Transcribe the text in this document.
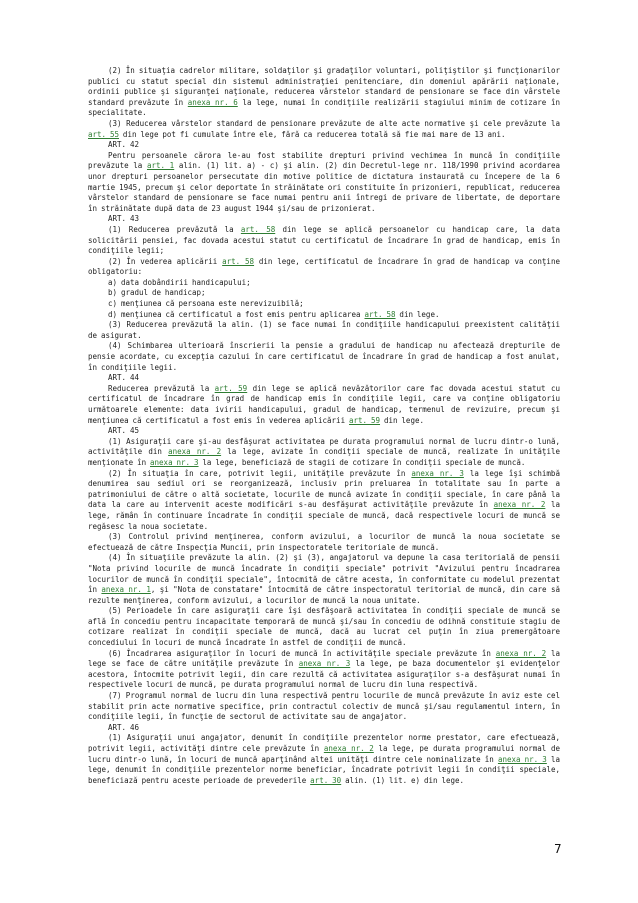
(2) În situaţia cadrelor militare, soldaţilor şi gradaţilor voluntari, poliţiştilor şi funcţionarilor publici cu statut special din sistemul administraţiei penitenciare, din domeniul apărării naţionale, ordinii publice şi siguranţei naţionale, reducerea vârstelor standard de pensionare se face din vârstele standard prevăzute în anexa nr. 6 la lege, numai în condiţiile realizării stagiului minim de cotizare în specialitate.

(3) Reducerea vârstelor standard de pensionare prevăzute de alte acte normative şi cele prevăzute la art. 55 din lege pot fi cumulate între ele, fără ca reducerea totală să fie mai mare de 13 ani.

ART. 42

Pentru persoanele cărora le-au fost stabilite drepturi privind vechimea în muncă în condiţiile prevăzute la art. 1 alin. (1) lit. a) - c) şi alin. (2) din Decretul-lege nr. 118/1990 privind acordarea unor drepturi persoanelor persecutate din motive politice de dictatura instaurată cu începere de la 6 martie 1945, precum şi celor deportate în străinătate ori constituite în prizonieri, republicat, reducerea vârstelor standard de pensionare se face numai pentru anii întregi de privare de libertate, de deportare în străinătate după data de 23 august 1944 şi/sau de prizonierat.

ART. 43

(1) Reducerea prevăzută la art. 58 din lege se aplică persoanelor cu handicap care, la data solicitării pensiei, fac dovada acestui statut cu certificatul de încadrare în grad de handicap, emis în condiţiile legii;

(2) În vederea aplicării art. 58 din lege, certificatul de încadrare în grad de handicap va conţine obligatoriu:

a) data dobândirii handicapului;

b) gradul de handicap;

c) menţiunea că persoana este nerevizuibilă;

d) menţiunea că certificatul a fost emis pentru aplicarea art. 58 din lege.

(3) Reducerea prevăzută la alin. (1) se face numai în condiţiile handicapului preexistent calităţii de asigurat.

(4) Schimbarea ulterioară înscrierii la pensie a gradului de handicap nu afectează drepturile de pensie acordate, cu excepţia cazului în care certificatul de încadrare în grad de handicap a fost anulat, în condiţiile legii.

ART. 44

Reducerea prevăzută la art. 59 din lege se aplică nevăzătorilor care fac dovada acestui statut cu certificatul de încadrare în grad de handicap emis în condiţiile legii, care va conţine obligatoriu următoarele elemente: data ivirii handicapului, gradul de handicap, termenul de revizuire, precum şi menţiunea că certificatul a fost emis în vederea aplicării art. 59 din lege.

ART. 45

(1) Asiguraţii care şi-au desfăşurat activitatea pe durata programului normal de lucru dintr-o lună, activităţile din anexa nr. 2 la lege, avizate în condiţii speciale de muncă, realizate în unităţile menţionate în anexa nr. 3 la lege, beneficiază de stagii de cotizare în condiţii speciale de muncă.

(2) În situaţia în care, potrivit legii, unităţile prevăzute în anexa nr. 3 la lege îşi schimbă denumirea sau sediul ori se reorganizează, inclusiv prin preluarea în totalitate sau în parte a patrimoniului de către o altă societate, locurile de muncă avizate în condiţii speciale, în care până la data la care au intervenit aceste modificări s-au desfăşurat activităţile prevăzute în anexa nr. 2 la lege, rămân în continuare încadrate în condiţii speciale de muncă, dacă respectivele locuri de muncă se regăsesc la noua societate.

(3) Controlul privind menţinerea, conform avizului, a locurilor de muncă la noua societate se efectuează de către Inspecţia Muncii, prin inspectoratele teritoriale de muncă.

(4) În situaţiile prevăzute la alin. (2) şi (3), angajatorul va depune la casa teritorială de pensii "Nota privind locurile de muncă încadrate în condiţii speciale" potrivit "Avizului pentru încadrarea locurilor de muncă în condiţii speciale", întocmită de către acesta, în conformitate cu modelul prezentat în anexa nr. 1, şi "Nota de constatare" întocmită de către inspectoratul teritorial de muncă, din care să rezulte menţinerea, conform avizului, a locurilor de muncă la noua unitate.

(5) Perioadele în care asiguraţii care îşi desfăşoară activitatea în condiţii speciale de muncă se află în concediu pentru incapacitate temporară de muncă şi/sau în concediu de odihnă constituie stagiu de cotizare realizat în condiţii speciale de muncă, dacă au lucrat cel puţin în ziua premergătoare concediului în locuri de muncă încadrate în astfel de condiţii de muncă.

(6) Încadrarea asiguraţilor în locuri de muncă în activităţile speciale prevăzute în anexa nr. 2 la lege se face de către unităţile prevăzute în anexa nr. 3 la lege, pe baza documentelor şi evidenţelor acestora, întocmite potrivit legii, din care rezultă că activitatea asiguraţilor s-a desfăşurat numai în respectivele locuri de muncă, pe durata programului normal de lucru din luna respectivă.

(7) Programul normal de lucru din luna respectivă pentru locurile de muncă prevăzute în aviz este cel stabilit prin acte normative specifice, prin contractul colectiv de muncă şi/sau regulamentul intern, în condiţiile legii, în funcţie de sectorul de activitate sau de angajator.

ART. 46

(1) Asiguraţii unui angajator, denumit în condiţiile prezentelor norme prestator, care efectuează, potrivit legii, activităţi dintre cele prevăzute în anexa nr. 2 la lege, pe durata programului normal de lucru dintr-o lună, în locuri de muncă aparţinând altei unităţi dintre cele nominalizate în anexa nr. 3 la lege, denumit în condiţiile prezentelor norme beneficiar, încadrate potrivit legii în condiţii speciale, beneficiază pentru aceste perioade de prevederile art. 30 alin. (1) lit. e) din lege.

7
